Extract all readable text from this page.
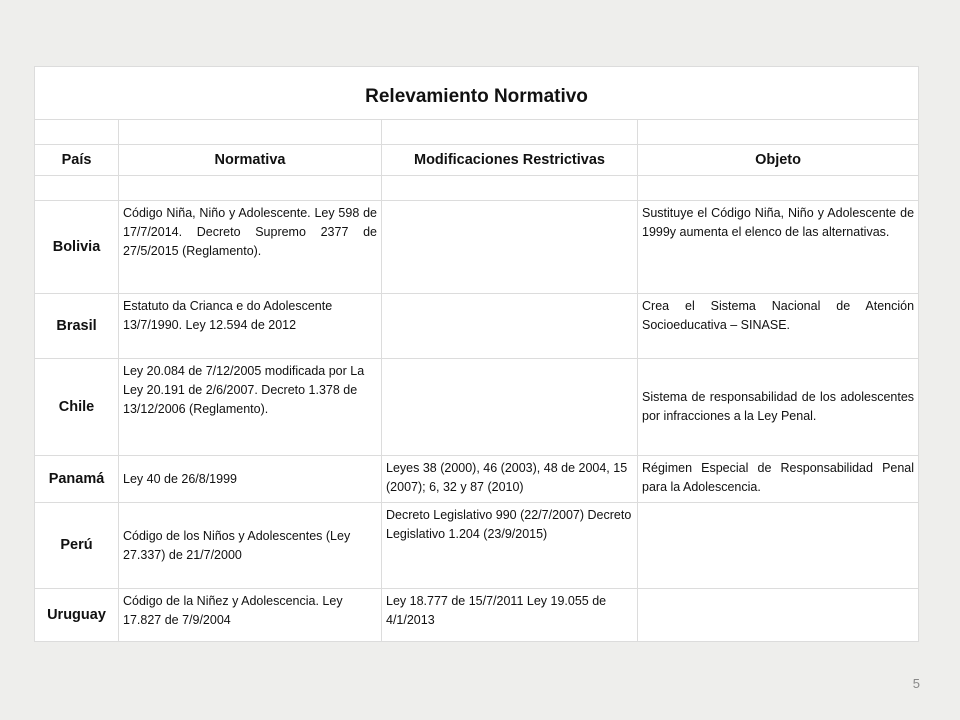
Relevamiento Normativo			

País	Normativa	Modificaciones Restrictivas	Objeto

Bolivia	Código Niña, Niño y Adolescente. Ley 598 de 17/7/2014. Decreto Supremo 2377 de 27/5/2015 (Reglamento).		Sustituye el Código Niña, Niño y Adolescente de 1999y aumenta el elenco de las alternativas.
Brasil	Estatuto da Crianca e do Adolescente 13/7/1990. Ley 12.594 de 2012		Crea el Sistema Nacional de Atención Socioeducativa – SINASE.
Chile	Ley 20.084 de 7/12/2005 modificada por La Ley 20.191 de 2/6/2007. Decreto 1.378 de 13/12/2006 (Reglamento).		Sistema de responsabilidad de los adolescentes por infracciones a la Ley Penal.
Panamá	Ley 40 de 26/8/1999	Leyes 38 (2000), 46 (2003), 48 de 2004, 15 (2007); 6, 32 y 87 (2010)	Régimen Especial de Responsabilidad Penal para la Adolescencia.
Perú	Código de los Niños y Adolescentes (Ley 27.337) de 21/7/2000	Decreto Legislativo 990 (22/7/2007) Decreto Legislativo 1.204 (23/9/2015)	
Uruguay	Código de la Niñez y Adolescencia. Ley 17.827 de 7/9/2004	Ley 18.777 de 15/7/2011 Ley 19.055 de 4/1/2013	
5
